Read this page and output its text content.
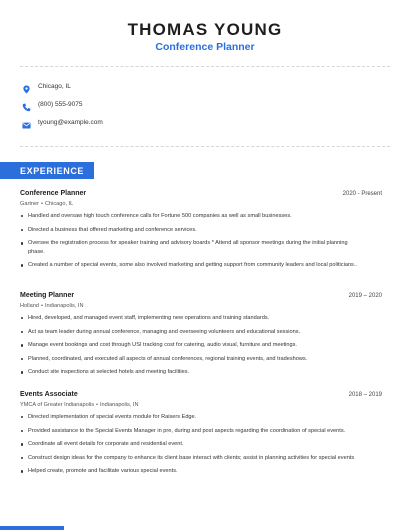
THOMAS YOUNG
Conference Planner
Chicago, IL
(800) 555-9075
tyoung@example.com
EXPERIENCE
Conference Planner	2020 - Present
Gartner • Chicago, IL
Handled and oversaw high touch conference calls for Fortune 500 companies as well as small businesses.
Directed a business that offered marketing and conference services.
Oversee the registration process for speaker training and advisory boards * Attend all sponsor meetings during the initial planning phase.
Created a number of special events, some also involved marketing and getting support from community leaders and local politicians..
Meeting Planner	2019 – 2020
Holland • Indianapolis, IN
Hired, developed, and managed event staff, implementing new operations and training standards.
Act as team leader during annual conference, managing and overseeing volunteers and educational sessions.
Manage event bookings and cost through USI tracking cost for catering, audio visual, furniture and meetings.
Planned, coordinated, and executed all aspects of annual conferences, regional training events, and tradeshows.
Conduct site inspections at selected hotels and meeting facilities.
Events Associate	2018 – 2019
YMCA of Greater Indianapolis • Indianapolis, IN
Directed implementation of special events module for Raisers Edge.
Provided assistance to the Special Events Manager in pre, during and post aspects regarding the coordination of special events.
Coordinate all event details for corporate and residential event.
Construct design ideas for the company to enhance its client base interact with clients; assist in planning activities for special events
Helped create, promote and facilitate various special events.
